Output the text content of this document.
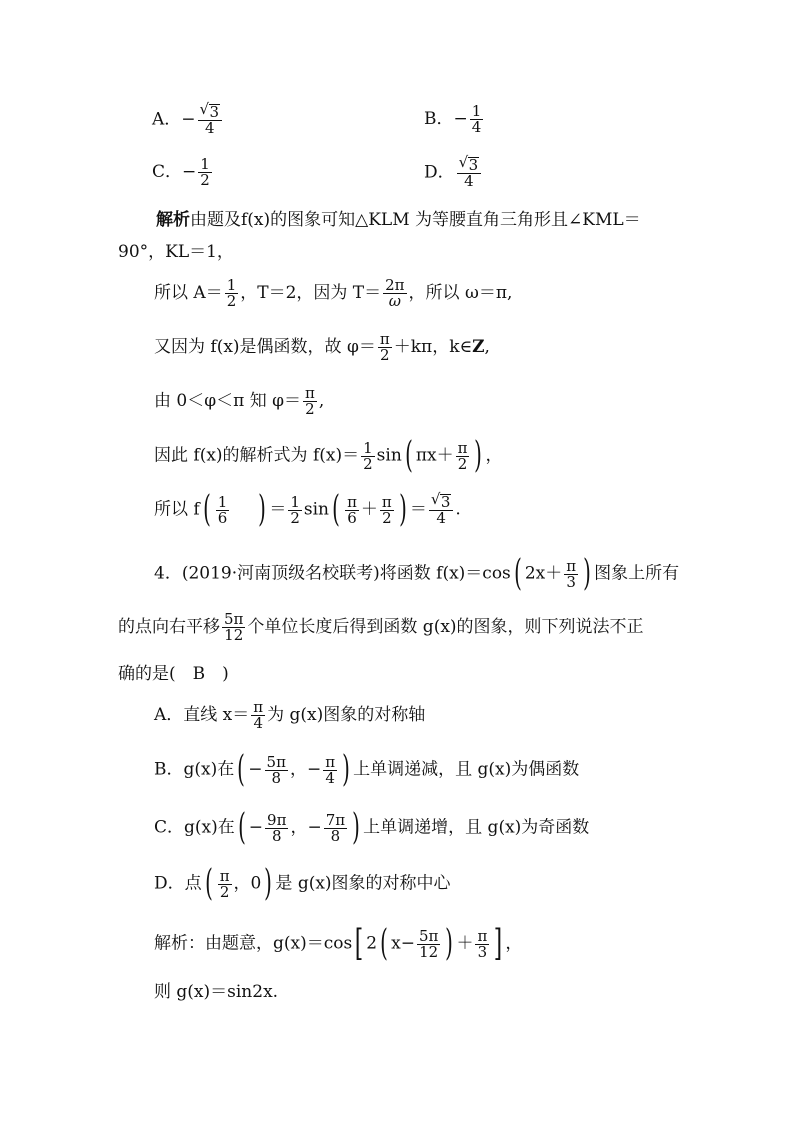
A．− $\frac{√ 3}{4}$	B．− $\frac{1}{4}$
C．− $\frac{1}{2}$	D． $\frac{√ 3}{4}$
解析由题及f(x)的图象可知△KLM 为等腰直角三角形且∠KML＝
90°，KL＝1，
所以 $A= \frac{1}{2}$ ，T＝2，因为 $T= \frac{2\pi}{\omega}$ ，所以 ω＝π,
又因为 f(x)是偶函数，故 $\varphi= \frac{\pi}{2} +k\pi$，k∈Z,
由 0＜φ＜π 知 $\varphi= \frac{\pi}{2}$ ,
因此 f(x)的解析式为 $f(x)= \frac{1}{2} \sin$( $\pi x+ \frac{\pi}{2}$ ) ，
所以 $f( \frac{1}{6}$ ) ＝ $\frac{1}{2} \sin( \frac{\pi}{6} + \frac{\pi}{2}$ ) ＝ $\frac{√ 3}{4}$ .
4．(2019·河南顶级名校联考)将函数 f(x)＝cos( $2x+ \frac{\pi}{3}$ ) 图象上所有
的点向右平移 $\frac{5\pi}{12}$ 个单位长度后得到函数 g(x)的图象，则下列说法不正
确的是(　B　)
A．直线 $x= \frac{\pi}{4}$ 为 g(x)图象的对称轴
B．g(x)在( − $\frac{5\pi}{8}$ ，− $\frac{\pi}{4}$ ) 上单调递减，且 g(x)为偶函数
C．g(x)在( − $\frac{9\pi}{8}$ ，− $\frac{7\pi}{8}$ ) 上单调递增，且 g(x)为奇函数
D．点( $\frac{\pi}{2}$ ，0) 是 g(x)图象的对称中心
解析：由题意，g(x)＝cos[ 2( $x- \frac{5\pi}{12}$ ) ＋ $\frac{\pi}{3}$ ] ，
则 g(x)＝sin2x.
